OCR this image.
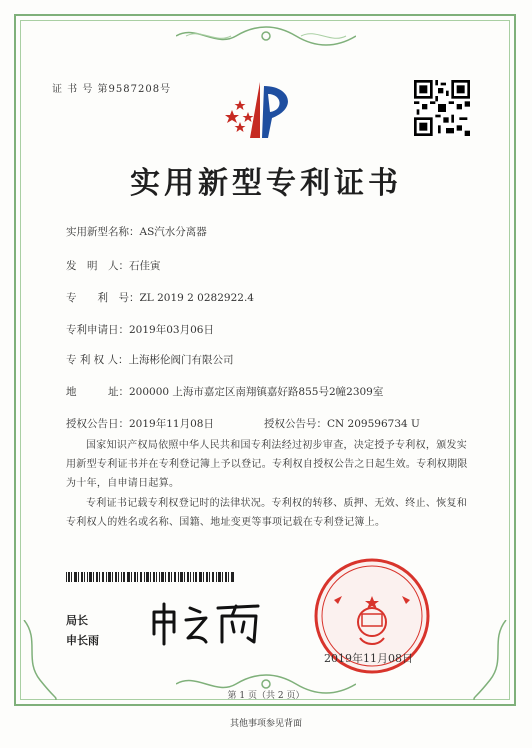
证 书 号 第9587208号
实用新型专利证书
实用新型名称：AS汽水分离器
发　明　人：石佳寅
专　　利　号：ZL 2019 2 0282922.4
专利申请日：2019年03月06日
专 利 权 人：上海彬伦阀门有限公司
地　　　址：200000 上海市嘉定区南翔镇嘉好路855号2幢2309室
授权公告日：2019年11月08日	授权公告号：CN 209596734 U
国家知识产权局依照中华人民共和国专利法经过初步审查，决定授予专利权，颁发实用新型专利证书并在专利登记簿上予以登记。专利权自授权公告之日起生效。专利权期限为十年，自申请日起算。
专利证书记载专利权登记时的法律状况。专利权的转移、质押、无效、终止、恢复和专利权人的姓名或名称、国籍、地址变更等事项记载在专利登记簿上。
局长
申长雨
2019年11月08日
第 1 页（共 2 页）
其他事项参见背面
